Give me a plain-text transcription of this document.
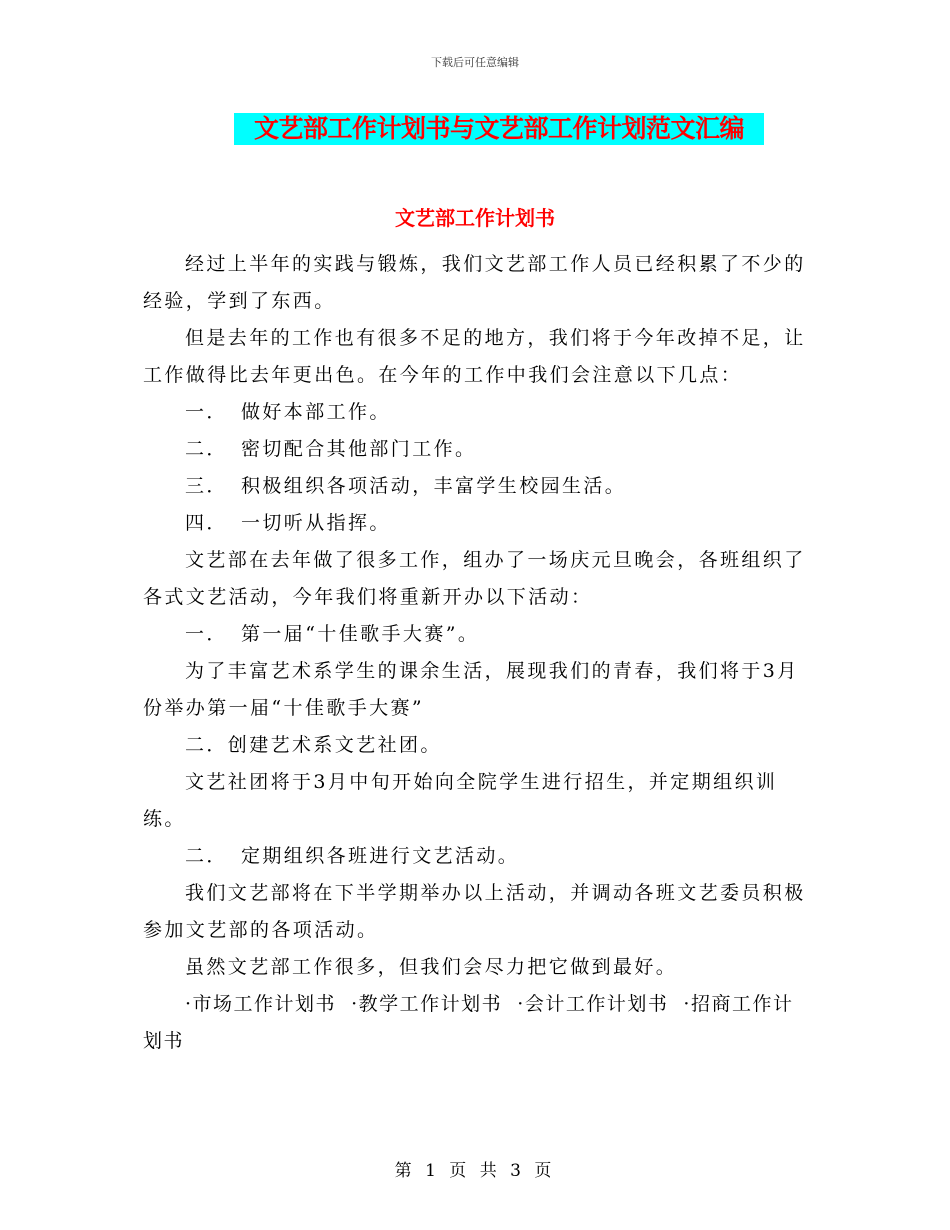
下载后可任意编辑
文艺部工作计划书与文艺部工作计划范文汇编
文艺部工作计划书

经过上半年的实践与锻炼，我们文艺部工作人员已经积累了不少的经验，学到了东西。

但是去年的工作也有很多不足的地方，我们将于今年改掉不足，让工作做得比去年更出色。在今年的工作中我们会注意以下几点：

一． 做好本部工作。
二． 密切配合其他部门工作。
三． 积极组织各项活动，丰富学生校园生活。
四． 一切听从指挥。

文艺部在去年做了很多工作，组办了一场庆元旦晚会，各班组织了各式文艺活动，今年我们将重新开办以下活动：

一． 第一届“十佳歌手大赛”。

为了丰富艺术系学生的课余生活，展现我们的青春，我们将于3月份举办第一届“十佳歌手大赛”

二．创建艺术系文艺社团。

文艺社团将于3月中旬开始向全院学生进行招生，并定期组织训练。

二． 定期组织各班进行文艺活动。

我们文艺部将在下半学期举办以上活动，并调动各班文艺委员积极参加文艺部的各项活动。

虽然文艺部工作很多，但我们会尽力把它做到最好。

·市场工作计划书 ·教学工作计划书 ·会计工作计划书 ·招商工作计划书

第 1 页 共 3 页
